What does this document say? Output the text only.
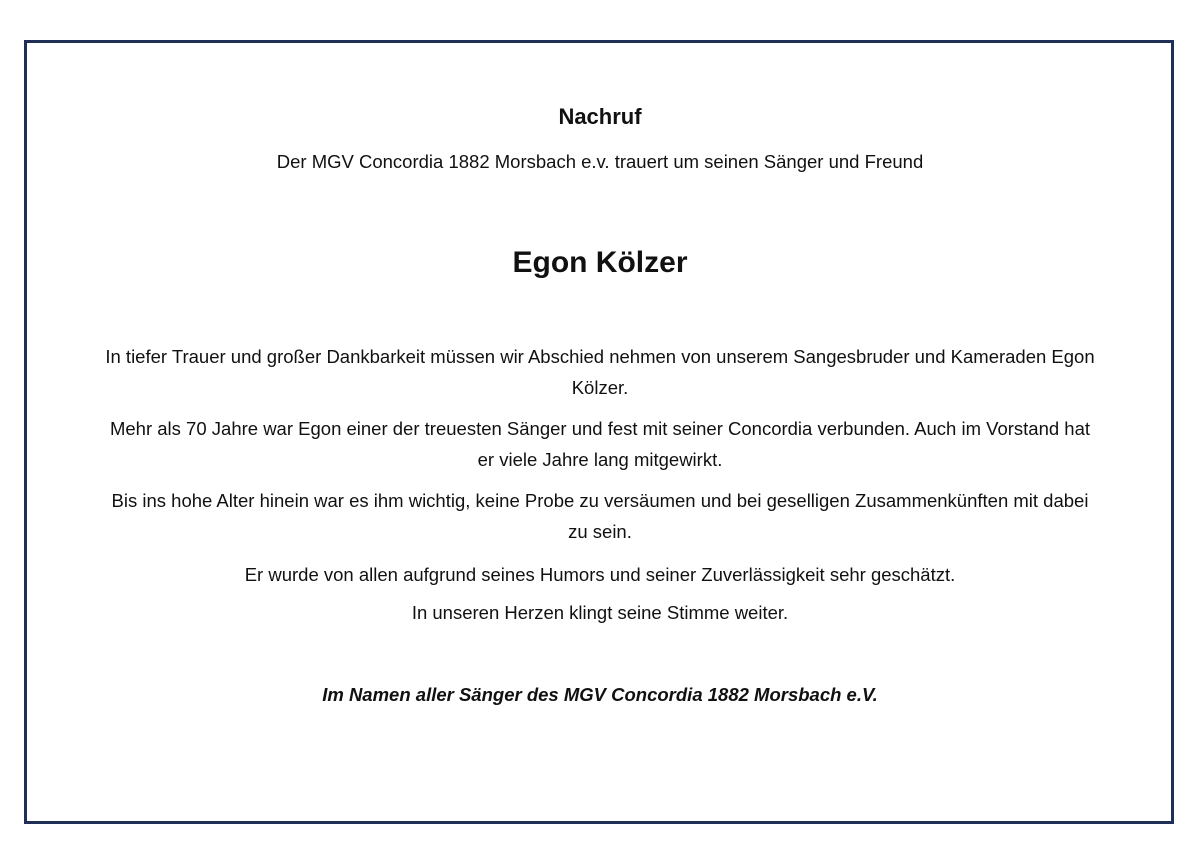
Nachruf

Der MGV Concordia 1882 Morsbach e.v. trauert um seinen Sänger und Freund

Egon Kölzer

In tiefer Trauer und großer Dankbarkeit müssen wir Abschied nehmen von unserem Sangesbruder und Kameraden Egon Kölzer.

Mehr als 70 Jahre war Egon einer der treuesten Sänger und fest mit seiner Concordia verbunden. Auch im Vorstand hat er viele Jahre lang mitgewirkt.

Bis ins hohe Alter hinein war es ihm wichtig, keine Probe zu versäumen und bei geselligen Zusammenkünften mit dabei zu sein.

Er wurde von allen aufgrund seines Humors und seiner Zuverlässigkeit sehr geschätzt.

In unseren Herzen klingt seine Stimme weiter.

Im Namen aller Sänger des MGV Concordia 1882 Morsbach e.V.
